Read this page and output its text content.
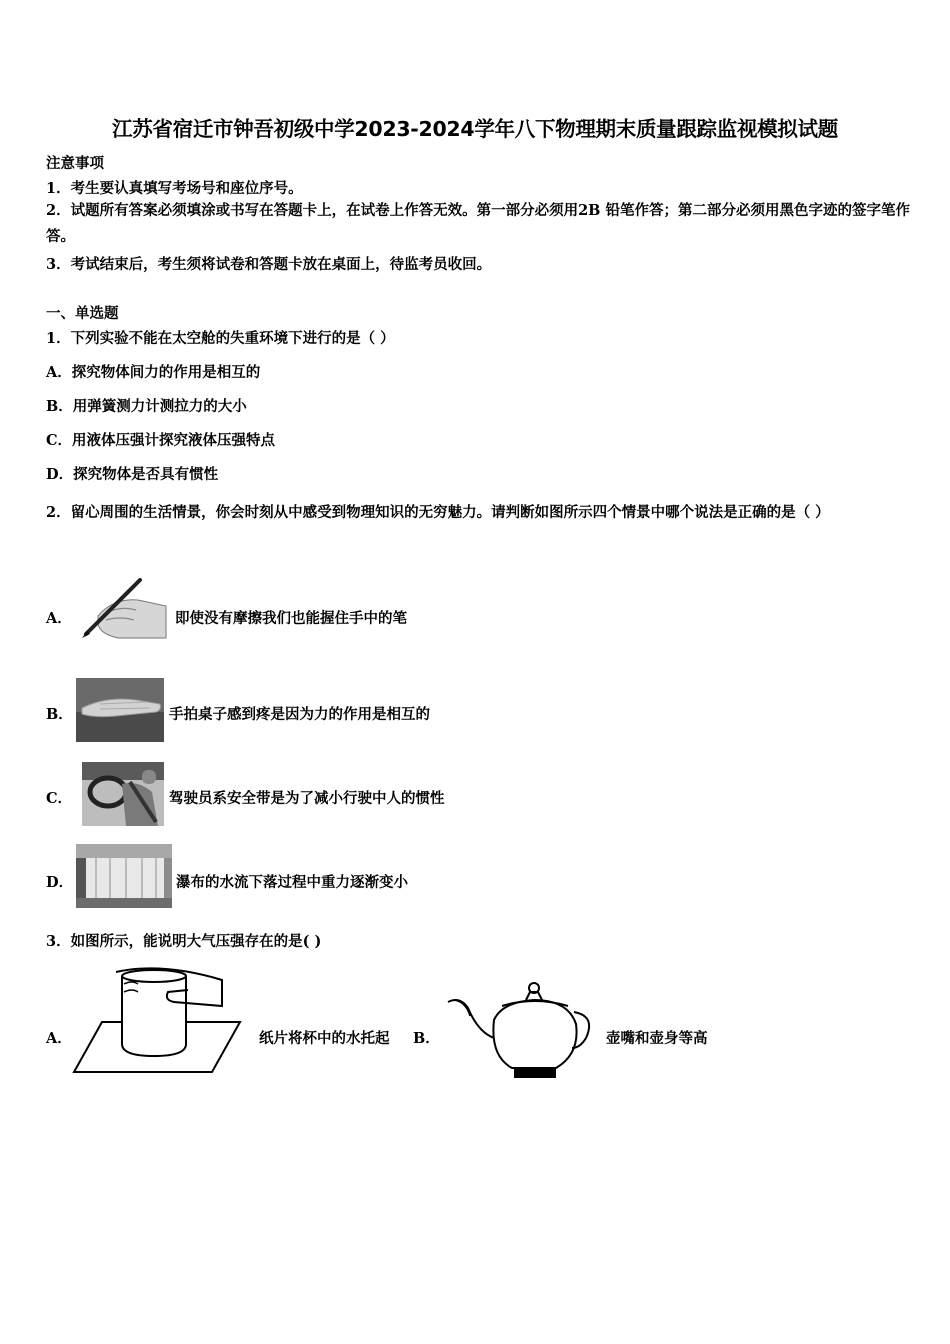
江苏省宿迁市钟吾初级中学2023-2024学年八下物理期末质量跟踪监视模拟试题
注意事项
1．考生要认真填写考场号和座位序号。
2．试题所有答案必须填涂或书写在答题卡上，在试卷上作答无效。第一部分必须用2B 铅笔作答；第二部分必须用黑色字迹的签字笔作答。
3．考试结束后，考生须将试卷和答题卡放在桌面上，待监考员收回。
一、单选题
1．下列实验不能在太空舱的失重环境下进行的是（ ）
A．探究物体间力的作用是相互的
B．用弹簧测力计测拉力的大小
C．用液体压强计探究液体压强特点
D．探究物体是否具有惯性
2．留心周围的生活情景，你会时刻从中感受到物理知识的无穷魅力。请判断如图所示四个情景中哪个说法是正确的是（ ）
A．	即使没有摩擦我们也能握住手中的笔
B．	手拍桌子感到疼是因为力的作用是相互的
C．	驾驶员系安全带是为了减小行驶中人的惯性
D．	瀑布的水流下落过程中重力逐渐变小
3．如图所示，能说明大气压强存在的是( )
A．	纸片将杯中的水托起 B．	壶嘴和壶身等高
